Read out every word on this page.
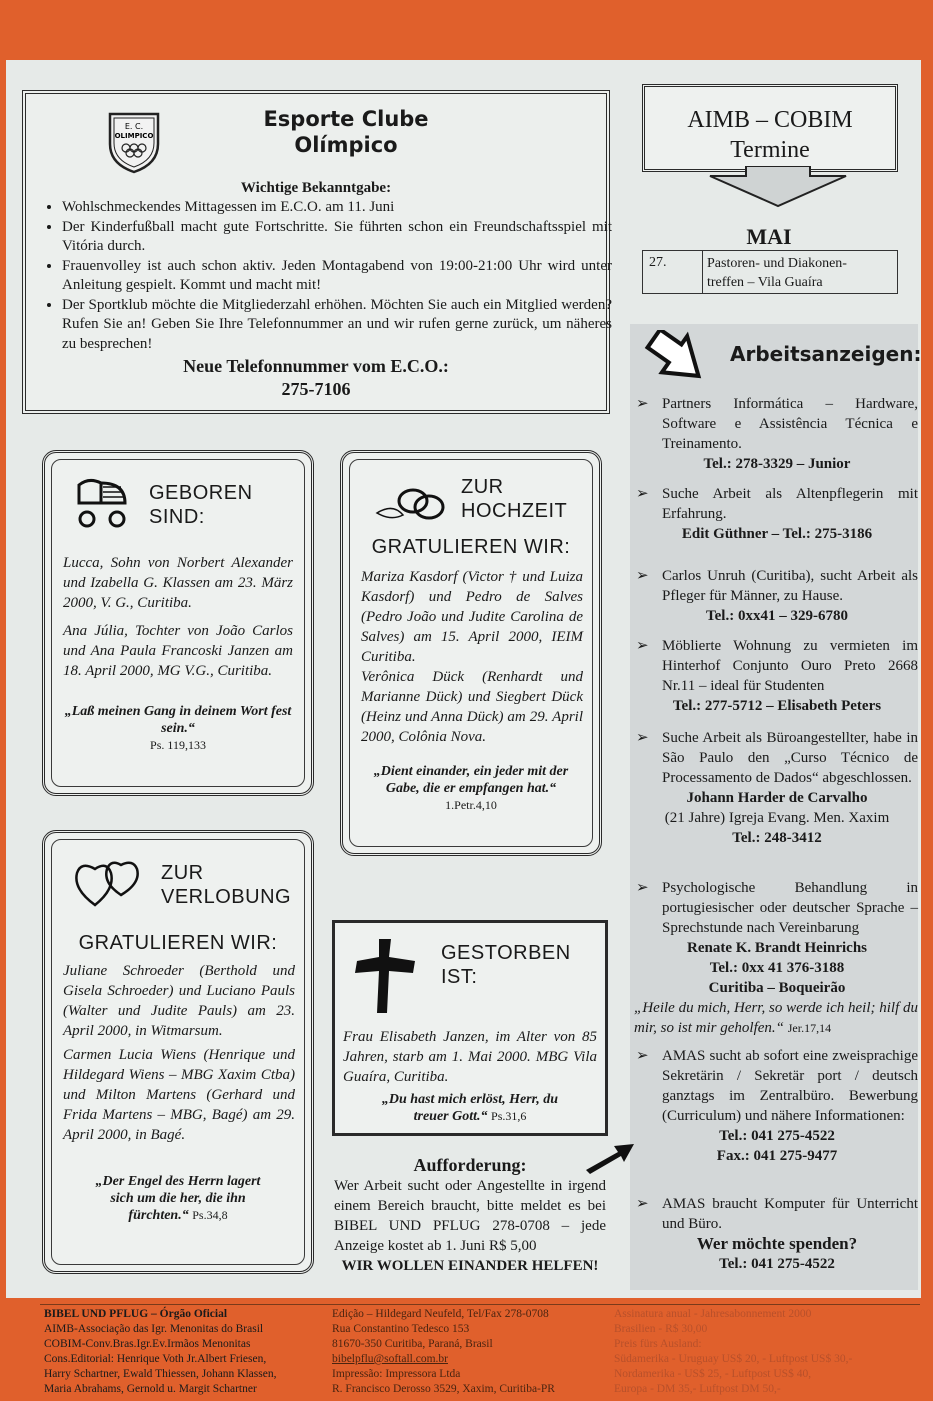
E. C.
OLIMPICO
Esporte Clube
Olímpico
Wichtige Bekanntgabe:
• Wohlschmeckendes Mittagessen im E.C.O. am 11. Juni
• Der Kinderfußball macht gute Fortschritte. Sie führten schon ein Freundschaftsspiel mit Vitória durch.
• Frauenvolley ist auch schon aktiv. Jeden Montagabend von 19:00-21:00 Uhr wird unter Anleitung gespielt. Kommt und macht mit!
• Der Sportklub möchte die Mitgliederzahl erhöhen. Möchten Sie auch ein Mitglied werden? Rufen Sie an! Geben Sie Ihre Telefonnummer an und wir rufen gerne zurück, um näheres zu besprechen!
Neue Telefonnummer vom E.C.O.:
275-7106
AIMB – COBIM
Termine
MAI
27.	Pastoren- und Diakonen-
treffen – Vila Guaíra
Arbeitsanzeigen:
➢ Partners Informática – Hardware, Software e Assistência Técnica e Treinamento.
Tel.: 278-3329 – Junior
➢ Suche Arbeit als Altenpflegerin mit Erfahrung.
Edit Güthner – Tel.: 275-3186
➢ Carlos Unruh (Curitiba), sucht Arbeit als Pfleger für Männer, zu Hause.
Tel.: 0xx41 – 329-6780
➢ Möblierte Wohnung zu vermieten im Hinterhof Conjunto Ouro Preto 2668 Nr.11 – ideal für Studenten
Tel.: 277-5712 – Elisabeth Peters
➢ Suche Arbeit als Büroangestellter, habe in São Paulo den „Curso Técnico de Processamento de Dados“ abgeschlossen.
Johann Harder de Carvalho
(21 Jahre) Igreja Evang. Men. Xaxim
Tel.: 248-3412
➢ Psychologische Behandlung in portugiesischer oder deutscher Sprache – Sprechstunde nach Vereinbarung
Renate K. Brandt Heinrichs
Tel.: 0xx 41 376-3188
Curitiba – Boqueirão
„Heile du mich, Herr, so werde ich heil; hilf du mir, so ist mir geholfen.“ Jer.17,14
➢ AMAS sucht ab sofort eine zweisprachige Sekretärin / Sekretär port / deutsch ganztags im Zentralbüro. Bewerbung (Curriculum) und nähere Informationen:
Tel.: 041 275-4522
Fax.: 041 275-9477
➢ AMAS braucht Komputer für Unterricht und Büro.
Wer möchte spenden?
Tel.: 041 275-4522
GEBOREN
SIND:
Lucca, Sohn von Norbert Alexander und Izabella G. Klassen am 23. März 2000, V. G., Curitiba.
Ana Júlia, Tochter von João Carlos und Ana Paula Francoski Janzen am 18. April 2000, MG V.G., Curitiba.
„Laß meinen Gang in deinem Wort fest sein.“
Ps. 119,133
ZUR
HOCHZEIT
GRATULIEREN WIR:
Mariza Kasdorf (Victor † und Luiza Kasdorf) und Pedro de Salves (Pedro João und Judite Carolina de Salves) am 15. April 2000, IEIM Curitiba.
Verônica Dück (Renhardt und Marianne Dück) und Siegbert Dück (Heinz und Anna Dück) am 29. April 2000, Colônia Nova.
„Dient einander, ein jeder mit der Gabe, die er empfangen hat.“
1.Petr.4,10
ZUR
VERLOBUNG
GRATULIEREN WIR:
Juliane Schroeder (Berthold und Gisela Schroeder) und Luciano Pauls (Walter und Judite Pauls) am 23. April 2000, in Witmarsum.
Carmen Lucia Wiens (Henrique und Hildegard Wiens – MBG Xaxim Ctba) und Milton Martens (Gerhard und Frida Martens – MBG, Bagé) am 29. April 2000, in Bagé.
„Der Engel des Herrn lagert sich um die her, die ihn fürchten.“ Ps.34,8
GESTORBEN
IST:
Frau Elisabeth Janzen, im Alter von 85 Jahren, starb am 1. Mai 2000. MBG Vila Guaíra, Curitiba.
„Du hast mich erlöst, Herr, du treuer Gott.“ Ps.31,6
Aufforderung:
Wer Arbeit sucht oder Angestellte in irgend einem Bereich braucht, bitte meldet es bei BIBEL UND PFLUG 278-0708 – jede Anzeige kostet ab 1. Juni R$ 5,00
WIR WOLLEN EINANDER HELFEN!
BIBEL UND PFLUG – Órgão Oficial
AIMB-Associação das Igr. Menonitas do Brasil
COBIM-Conv.Bras.Igr.Ev.Irmãos Menonitas
Cons.Editorial: Henrique Voth Jr.Albert Friesen,
Harry Schartner, Ewald Thiessen, Johann Klassen,
Maria Abrahams, Gernold u. Margit Schartner
Edição – Hildegard Neufeld, Tel/Fax 278-0708
Rua Constantino Tedesco 153
81670-350 Curitiba, Paraná, Brasil
bibelpflu@softall.com.br
Impressão: Impressora Ltda
R. Francisco Derosso 3529, Xaxim, Curitiba-PR
Assinatura anual - Jahresabonnement 2000
Brasilien - R$ 30,00
Preis fürs Ausland:
Südamerika - Uruguay US$ 20, - Luftpost US$ 30,-
Nordamerika - US$ 25, - Luftpost US$ 40,
Europa - DM 35,- Luftpost DM 50,-
